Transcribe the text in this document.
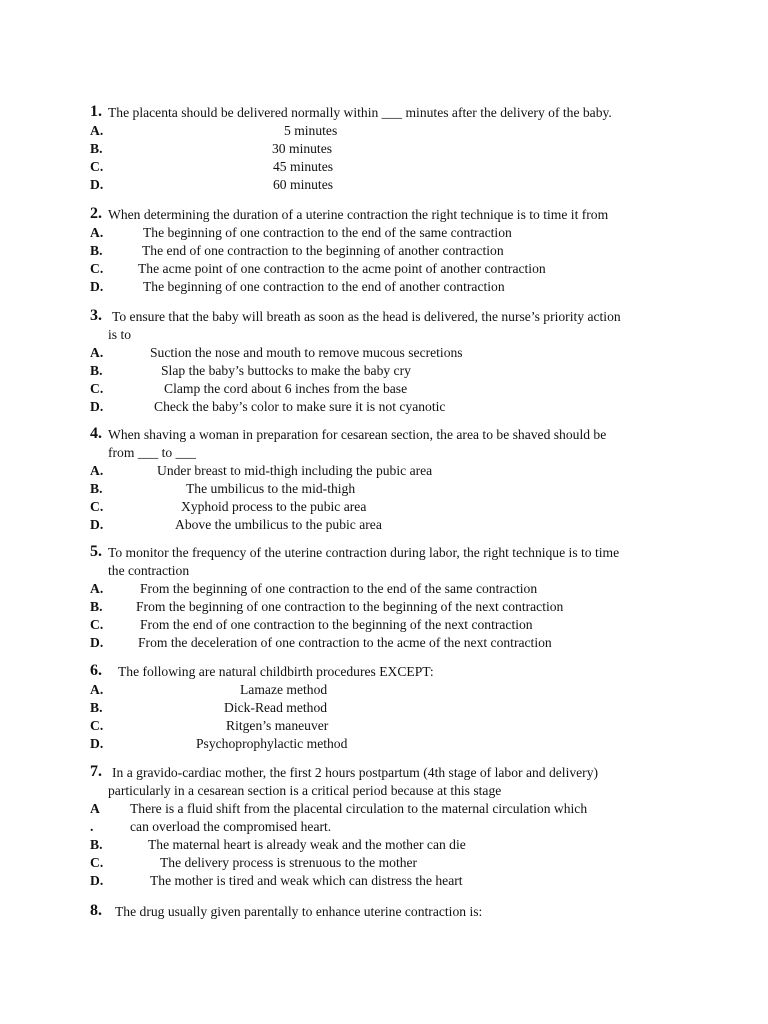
1. The placenta should be delivered normally within ___ minutes after the delivery of the baby.
A.	5 minutes
B.	30 minutes
C.	45 minutes
D.	60 minutes
2. When determining the duration of a uterine contraction the right technique is to time it from
A.	The beginning of one contraction to the end of the same contraction
B.	The end of one contraction to the beginning of another contraction
C.	The acme point of one contraction to the acme point of another contraction
D.	The beginning of one contraction to the end of another contraction
3. To ensure that the baby will breath as soon as the head is delivered, the nurse’s priority action
is to
A.	Suction the nose and mouth to remove mucous secretions
B.	Slap the baby’s buttocks to make the baby cry
C.	Clamp the cord about 6 inches from the base
D.	Check the baby’s color to make sure it is not cyanotic
4. When shaving a woman in preparation for cesarean section, the area to be shaved should be
from ___ to ___
A.	Under breast to mid-thigh including the pubic area
B.	The umbilicus to the mid-thigh
C.	Xyphoid process to the pubic area
D.	Above the umbilicus to the pubic area
5. To monitor the frequency of the uterine contraction during labor, the right technique is to time
the contraction
A.	From the beginning of one contraction to the end of the same contraction
B.	From the beginning of one contraction to the beginning of the next contraction
C.	From the end of one contraction to the beginning of the next contraction
D.	From the deceleration of one contraction to the acme of the next contraction
6. The following are natural childbirth procedures EXCEPT:
A.	Lamaze method
B.	Dick-Read method
C.	Ritgen’s maneuver
D.	Psychoprophylactic method
7. In a gravido-cardiac mother, the first 2 hours postpartum (4th stage of labor and delivery)
particularly in a cesarean section is a critical period because at this stage
A	There is a fluid shift from the placental circulation to the maternal circulation which
.	can overload the compromised heart.
B.	The maternal heart is already weak and the mother can die
C.	The delivery process is strenuous to the mother
D.	The mother is tired and weak which can distress the heart
8. The drug usually given parentally to enhance uterine contraction is:
